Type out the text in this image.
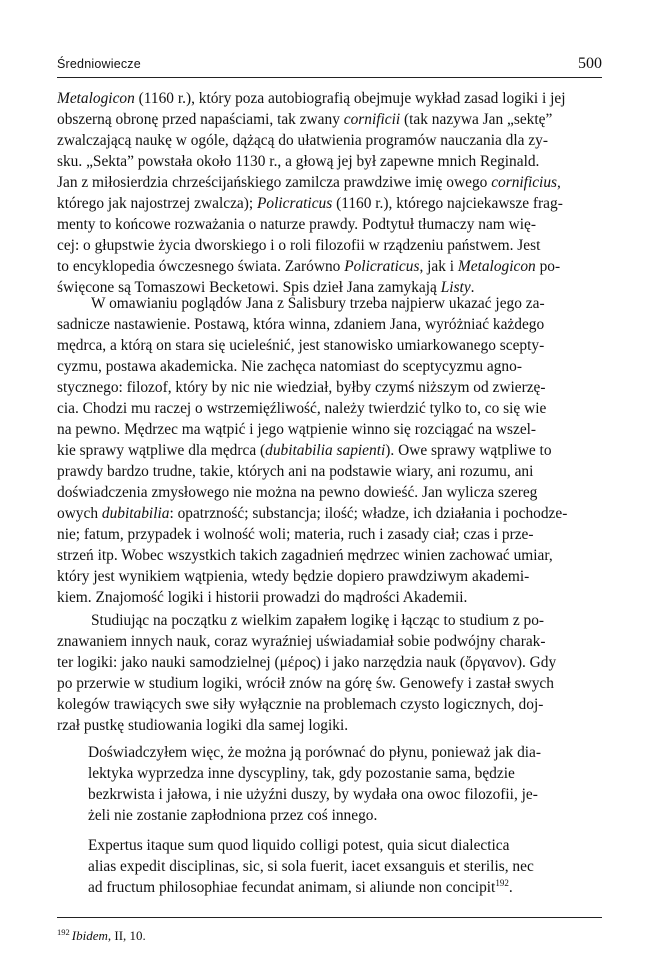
Średniowiecze	500
Metalogicon (1160 r.), który poza autobiografią obejmuje wykład zasad logiki i jej
obszerną obronę przed napaściami, tak zwany cornificii (tak nazywa Jan „sektę”
zwalczającą naukę w ogóle, dążącą do ułatwienia programów nauczania dla zy-
sku. „Sekta” powstała około 1130 r., a głową jej był zapewne mnich Reginald.
Jan z miłosierdzia chrześcijańskiego zamilcza prawdziwe imię owego cornificius,
którego jak najostrzej zwalcza); Policraticus (1160 r.), którego najciekawsze frag-
menty to końcowe rozważania o naturze prawdy. Podtytuł tłumaczy nam wię-
cej: o głupstwie życia dworskiego i o roli filozofii w rządzeniu państwem. Jest
to encyklopedia ówczesnego świata. Zarówno Policraticus, jak i Metalogicon po-
święcone są Tomaszowi Becketowi. Spis dzieł Jana zamykają Listy.
W omawianiu poglądów Jana z Salisbury trzeba najpierw ukazać jego za-
sadnicze nastawienie. Postawą, która winna, zdaniem Jana, wyróżniać każdego
mędrca, a którą on stara się ucieleśnić, jest stanowisko umiarkowanego scepty-
cyzmu, postawa akademicka. Nie zachęca natomiast do sceptycyzmu agno-
stycznego: filozof, który by nic nie wiedział, byłby czymś niższym od zwierzę-
cia. Chodzi mu raczej o wstrzemięźliwość, należy twierdzić tylko to, co się wie
na pewno. Mędrzec ma wątpić i jego wątpienie winno się rozciągać na wszel-
kie sprawy wątpliwe dla mędrca (dubitabilia sapienti). Owe sprawy wątpliwe to
prawdy bardzo trudne, takie, których ani na podstawie wiary, ani rozumu, ani
doświadczenia zmysłowego nie można na pewno dowieść. Jan wylicza szereg
owych dubitabilia: opatrzność; substancja; ilość; władze, ich działania i pochodze-
nie; fatum, przypadek i wolność woli; materia, ruch i zasady ciał; czas i prze-
strzeń itp. Wobec wszystkich takich zagadnień mędrzec winien zachować umiar,
który jest wynikiem wątpienia, wtedy będzie dopiero prawdziwym akademi-
kiem. Znajomość logiki i historii prowadzi do mądrości Akademii.
Studiując na początku z wielkim zapałem logikę i łącząc to studium z po-
znawaniem innych nauk, coraz wyraźniej uświadamiał sobie podwójny charak-
ter logiki: jako nauki samodzielnej (μέρος) i jako narzędzia nauk (ὄργανον). Gdy
po przerwie w studium logiki, wrócił znów na górę św. Genowefy i zastał swych
kolegów trawiących swe siły wyłącznie na problemach czysto logicznych, doj-
rzał pustkę studiowania logiki dla samej logiki.
Doświadczyłem więc, że można ją porównać do płynu, ponieważ jak dia-
lektyka wyprzedza inne dyscypliny, tak, gdy pozostanie sama, będzie
bezkrwista i jałowa, i nie użyźni duszy, by wydała ona owoc filozofii, je-
żeli nie zostanie zapłodniona przez coś innego.
Expertus itaque sum quod liquido colligi potest, quia sicut dialectica
alias expedit disciplinas, sic, si sola fuerit, iacet exsanguis et sterilis, nec
ad fructum philosophiae fecundat animam, si aliunde non concipit$^{192}$.
$^{192}$ Ibidem, II, 10.
